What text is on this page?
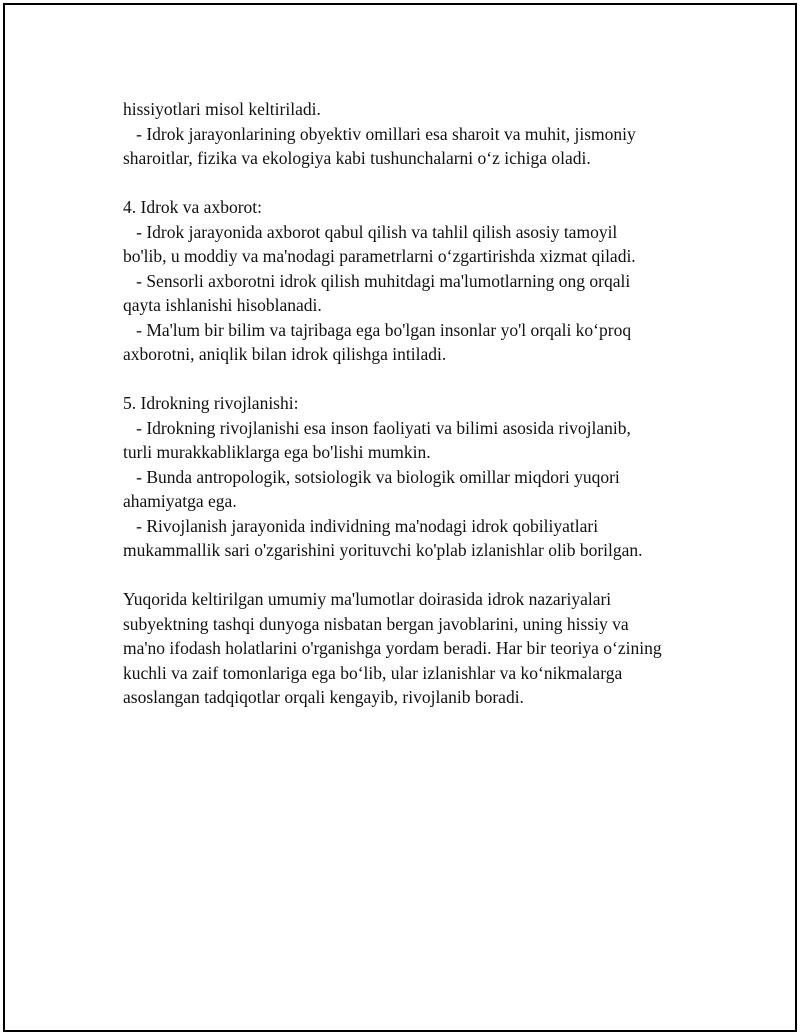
hissiyotlari misol keltiriladi.
- Idrok jarayonlarining obyektiv omillari esa sharoit va muhit, jismoniy
sharoitlar, fizika va ekologiya kabi tushunchalarni o‘z ichiga oladi.
4. Idrok va axborot:
- Idrok jarayonida axborot qabul qilish va tahlil qilish asosiy tamoyil
bo'lib, u moddiy va ma'nodagi parametrlarni o‘zgartirishda xizmat qiladi.
- Sensorli axborotni idrok qilish muhitdagi ma'lumotlarning ong orqali
qayta ishlanishi hisoblanadi.
- Ma'lum bir bilim va tajribaga ega bo'lgan insonlar yo'l orqali ko‘proq
axborotni, aniqlik bilan idrok qilishga intiladi.
5. Idrokning rivojlanishi:
- Idrokning rivojlanishi esa inson faoliyati va bilimi asosida rivojlanib,
turli murakkabliklarga ega bo'lishi mumkin.
- Bunda antropologik, sotsiologik va biologik omillar miqdori yuqori
ahamiyatga ega.
- Rivojlanish jarayonida individning ma'nodagi idrok qobiliyatlari
mukammallik sari o'zgarishini yorituvchi ko'plab izlanishlar olib borilgan.
Yuqorida keltirilgan umumiy ma'lumotlar doirasida idrok nazariyalari
subyektning tashqi dunyoga nisbatan bergan javoblarini, uning hissiy va
ma'no ifodash holatlarini o'rganishga yordam beradi. Har bir teoriya o‘zining
kuchli va zaif tomonlariga ega bo‘lib, ular izlanishlar va ko‘nikmalarga
asoslangan tadqiqotlar orqali kengayib, rivojlanib boradi.
